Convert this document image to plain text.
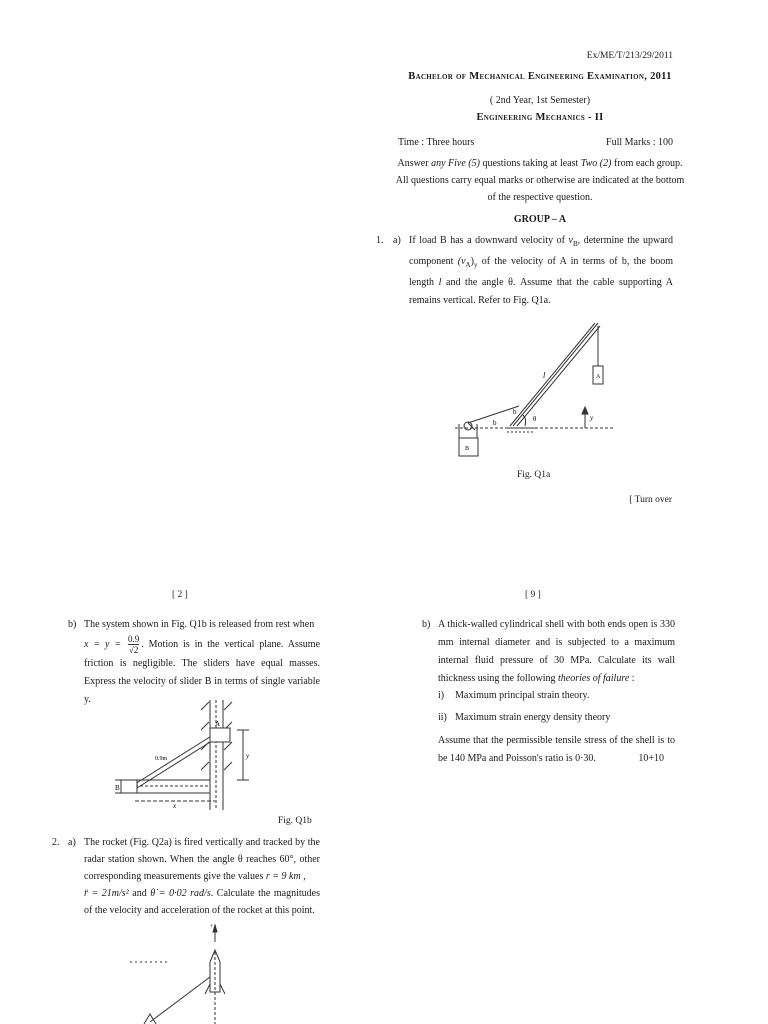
Ex/ME/T/213/29/2011
Bachelor of Mechanical Engineering Examination, 2011
( 2nd Year, 1st Semester)
Engineering Mechanics - II
Time : Three hours	Full Marks : 100
Answer any Five (5) questions taking at least Two (2) from each group. All questions carry equal marks or otherwise are indicated at the bottom of the respective question.
GROUP – A
1. a) If load B has a downward velocity of $v_B$, determine the upward component $(v_A)_y$ of the velocity of A in terms of b, the boom length l and the angle θ. Assume that the cable supporting A remains vertical. Refer to Fig. Q1a.
l
b
b	θ
A
B
y
Fig. Q1a
[ Turn over
[ 2 ]
b) The system shown in Fig. Q1b is released from rest when
$x = y = \frac{0.9}{√2}$ . Motion is in the vertical plane. Assume friction is negligible. The sliders have equal masses. Express the velocity of slider B in terms of single variable y.
A
B
0.9m	y
x
Fig. Q1b
2. a) The rocket (Fig. Q2a) is fired vertically and tracked by the radar station shown. When the angle θ reaches 60°, other corresponding measurements give the values r = 9 km ,
r̈ = 21m/s² and θ̇ = 0·02 rad/s. Calculate the magnitudes of the velocity and acceleration of the rocket at this point.
+
[ 9 ]
b) A thick-walled cylindrical shell with both ends open is 330 mm internal diameter and is subjected to a maximum internal fluid pressure of 30 MPa. Calculate its wall thickness using the following theories of failure :
i) Maximum principal strain theory.
ii) Maximum strain energy density theory
Assume that the permissible tensile stress of the shell is to be 140 MPa and Poisson's ratio is 0·30.	10+10
